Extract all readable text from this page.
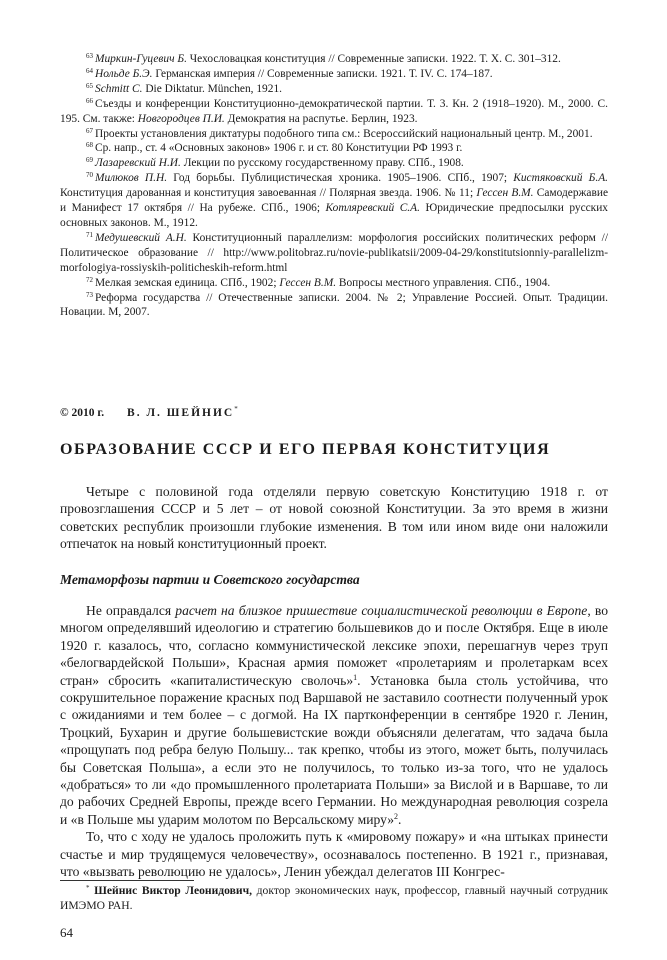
$^{63}$ Миркин-Гуцевич Б. Чехословацкая конституция // Современные записки. 1922. Т. Х. С. 301–312.

$^{64}$ Нольде Б.Э. Германская империя // Современные записки. 1921. Т. IV. С. 174–187.

$^{65}$ Schmitt C. Die Diktatur. München, 1921.

$^{66}$ Съезды и конференции Конституционно-демократической партии. Т. 3. Кн. 2 (1918–1920). М., 2000. С. 195. См. также: Новгородцев П.И. Демократия на распутье. Берлин, 1923.

$^{67}$ Проекты установления диктатуры подобного типа см.: Всероссийский национальный центр. М., 2001.

$^{68}$ Ср. напр., ст. 4 «Основных законов» 1906 г. и ст. 80 Конституции РФ 1993 г.

$^{69}$ Лазаревский Н.И. Лекции по русскому государственному праву. СПб., 1908.

$^{70}$ Милюков П.Н. Год борьбы. Публицистическая хроника. 1905–1906. СПб., 1907; Кистяковский Б.А. Конституция дарованная и конституция завоеванная // Полярная звезда. 1906. № 11; Гессен В.М. Самодержавие и Манифест 17 октября // На рубеже. СПб., 1906; Котляревский С.А. Юридические предпосылки русских основных законов. М., 1912.

$^{71}$ Медушевский А.Н. Конституционный параллелизм: морфология российских политических реформ // Политическое образование // http://www.politobraz.ru/novie-publikatsii/2009-04-29/konstitutsionniy-parallelizm-morfologiya-rossiyskih-politicheskih-reform.html

$^{72}$ Мелкая земская единица. СПб., 1902; Гессен В.М. Вопросы местного управления. СПб., 1904.

$^{73}$ Реформа государства // Отечественные записки. 2004. № 2; Управление Россией. Опыт. Традиции. Новации. М, 2007.

© 2010 г. В. Л. ШЕЙНИС*
ОБРАЗОВАНИЕ СССР И ЕГО ПЕРВАЯ КОНСТИТУЦИЯ

Четыре с половиной года отделяли первую советскую Конституцию 1918 г. от провозглашения СССР и 5 лет – от новой союзной Конституции. За это время в жизни советских республик произошли глубокие изменения. В том или ином виде они наложили отпечаток на новый конституционный проект.

Метаморфозы партии и Советского государства

Не оправдался расчет на близкое пришествие социалистической революции в Европе, во многом определявший идеологию и стратегию большевиков до и после Октября. Еще в июле 1920 г. казалось, что, согласно коммунистической лексике эпохи, перешагнув через труп «белогвардейской Польши», Красная армия поможет «пролетариям и пролетаркам всех стран» сбросить «капиталистическую сволочь»$^1$. Установка была столь устойчива, что сокрушительное поражение красных под Варшавой не заставило соотнести полученный урок с ожиданиями и тем более – с догмой. На IX партконференции в сентябре 1920 г. Ленин, Троцкий, Бухарин и другие большевистские вожди объясняли делегатам, что задача была «прощупать под ребра белую Польшу... так крепко, чтобы из этого, может быть, получилась бы Советская Польша», а если это не получилось, то только из-за того, что не удалось «добраться» то ли «до промышленного пролетариата Польши» за Вислой и в Варшаве, то ли до рабочих Средней Европы, прежде всего Германии. Но международная революция созрела и «в Польше мы ударим молотом по Версальскому миру»$^2$.

То, что с ходу не удалось проложить путь к «мировому пожару» и «на штыках принести счастье и мир трудящемуся человечеству», осознавалось постепенно. В 1921 г., признавая, что «вызвать революцию не удалось», Ленин убеждал делегатов III Конгрес-

* Шейнис Виктор Леонидович, доктор экономических наук, профессор, главный научный сотрудник ИМЭМО РАН.

64
